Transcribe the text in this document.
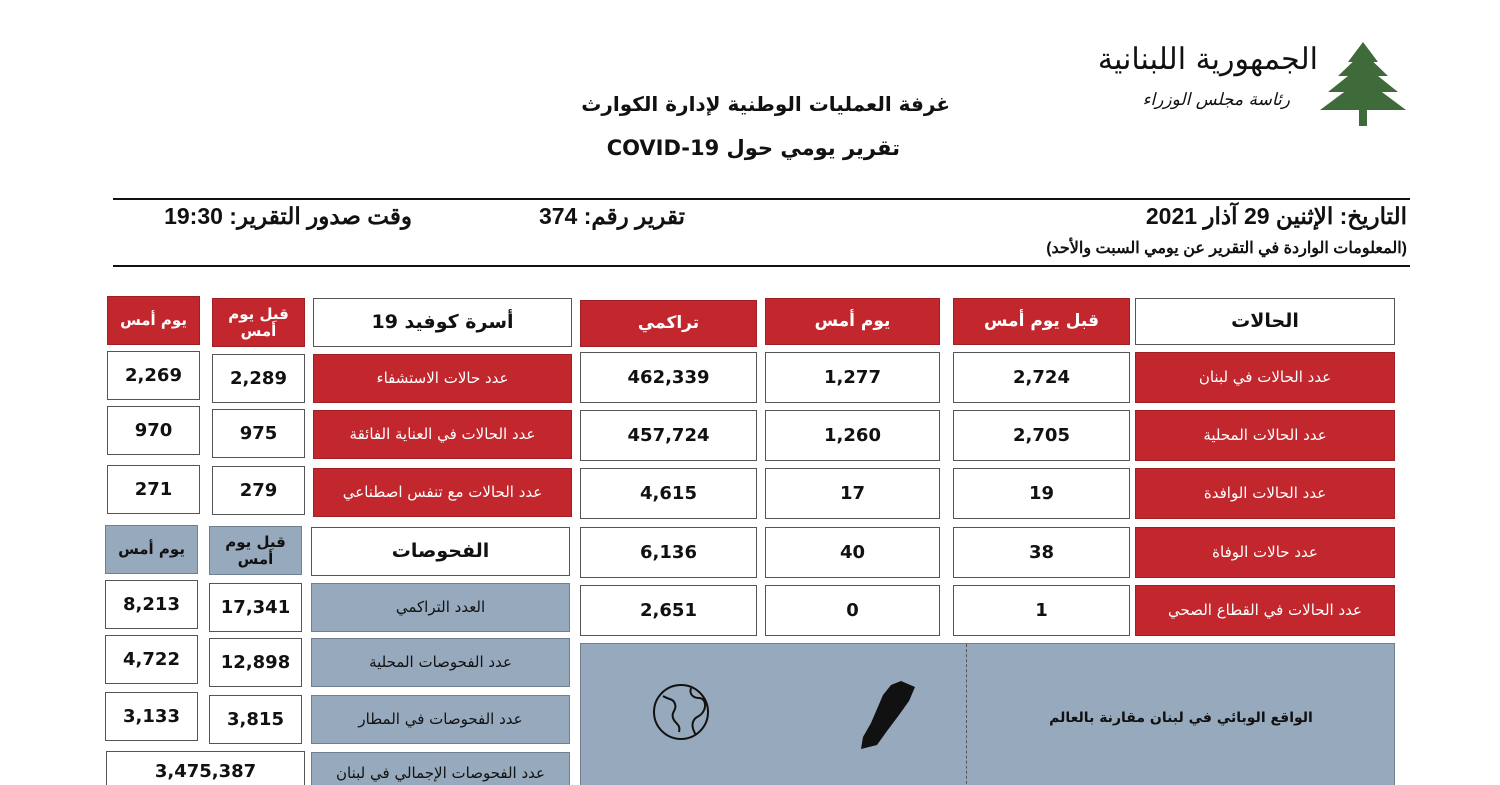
الجمهورية اللبنانية
رئاسة مجلس الوزراء
غرفة العمليات الوطنية لإدارة الكوارث
تقرير يومي حول COVID-19
التاريخ: الإثنين 29 آذار 2021
(المعلومات الواردة في التقرير عن يومي السبت والأحد)
تقرير رقم: 374
وقت صدور التقرير: 19:30
الحالات
قبل يوم أمس
يوم أمس
تراكمي
عدد الحالات في لبنان
2,724
1,277
462,339
عدد الحالات المحلية
2,705
1,260
457,724
عدد الحالات الوافدة
19
17
4,615
عدد حالات الوفاة
38
40
6,136
عدد الحالات في القطاع الصحي
1
0
2,651
الواقع الوبائي في لبنان مقارنة بالعالم
أسرة كوفيد 19
قبل يوم أمس
يوم أمس
عدد حالات الاستشفاء
2,289
2,269
عدد الحالات في العناية الفائقة
975
970
عدد الحالات مع تنفس اصطناعي
279
271
الفحوصات
قبل يوم أمس
يوم أمس
العدد التراكمي
17,341
8,213
عدد الفحوصات المحلية
12,898
4,722
عدد الفحوصات في المطار
3,815
3,133
عدد الفحوصات الإجمالي في لبنان
3,475,387
